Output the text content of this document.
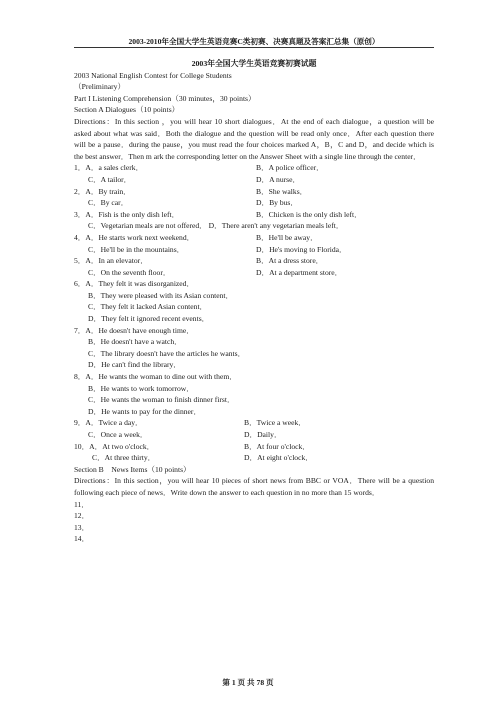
2003-2010年全国大学生英语竞赛C类初赛、决赛真题及答案汇总集（原创）
2003年全国大学生英语竞赛初赛试题
2003 National English Contest for College Students
（Preliminary）
Part I Listening Comprehension（30 minutes，30 points）
Section A Dialogues（10 points）
Directions：In this section ，you will hear 10 short dialogues．At the end of each dialogue，a question will be asked about what was said．Both the dialogue and the question will be read only once．After each question there will be a pause．during the pause，you must read the four choices marked A，B，C and D，and decide which is the best answer．Then m ark the corresponding letter on the Answer Sheet with a single line through the center．
1．A．a sales clerk．	B．A police officer．
C．A tailor．	D．A nurse．
2．A．By train．	B．She walks．
C．By car．	D．By bus．
3．A．Fish is the only dish left．	B．Chicken is the only dish left．
C．Vegetarian meals are not offered． D．There aren't any vegetarian meals left．
4．A．He starts work next weekend．	B．He'll be away．
C．He'll be in the mountains．	D．He's moving to Florida．
5．A．In an elevator．	B．At a dress store．
C．On the seventh floor．	D．At a department store．
6．A．They felt it was disorganized．
B．They were pleased with its Asian content．
C．They felt it lacked Asian content．
D．They felt it ignored recent events．
7．A．He doesn't have enough time．
B．He doesn't have a watch．
C．The library doesn't have the articles he wants．
D．He can't find the library．
8．A．He wants the woman to dine out with them．
B．He wants to work tomorrow．
C．He wants the woman to finish dinner first．
D．He wants to pay for the dinner．
9．A．Twice a day．	B．Twice a week．
C．Once a week．	D．Daily．
10．A．At two o'clock．	B．At four o'clock．
C．At three thirty．	D．At eight o'clock．
Section B　News Items（10 points）
Directions：In this section，you will hear 10 pieces of short news from BBC or VOA．There will be a question following each piece of news．Write down the answer to each question in no more than 15 words．
11．
12．
13．
14．
第 1 页 共 78 页
